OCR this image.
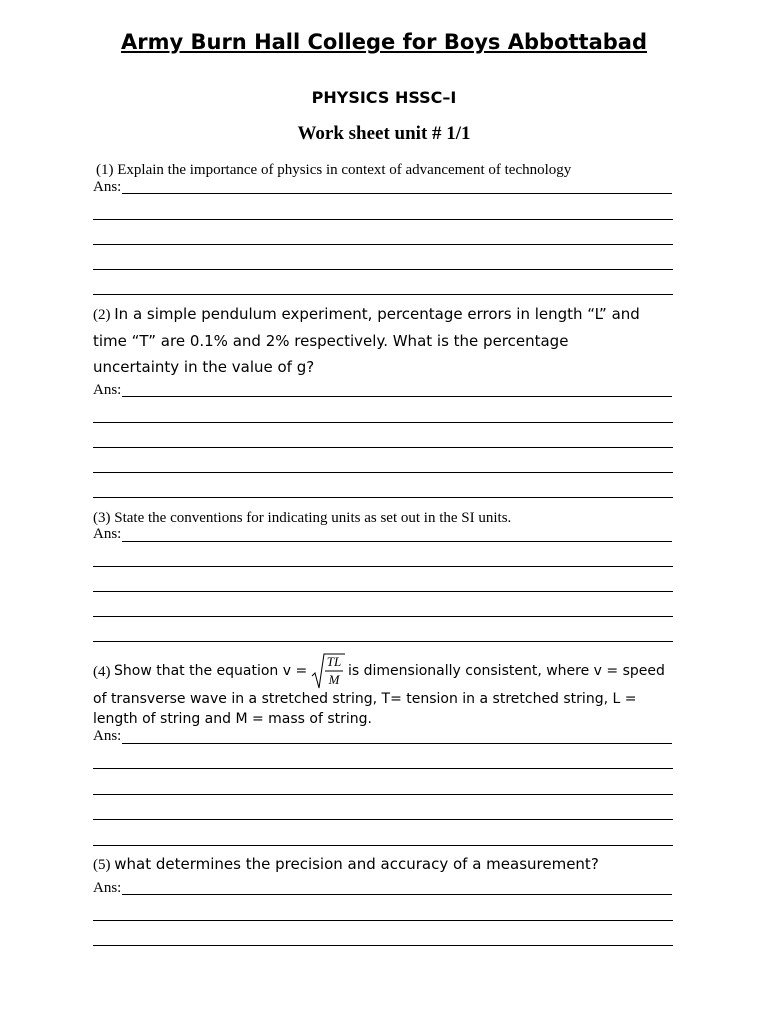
Army Burn Hall College for Boys Abbottabad
PHYSICS HSSC–I
Work sheet unit # 1/1
(1) Explain the importance of physics in context of advancement of technology
Ans:
(2) In a simple pendulum experiment, percentage errors in length “L” and
time “T” are 0.1% and 2% respectively. What is the percentage
uncertainty in the value of g?
Ans:
(3) State the conventions for indicating units as set out in the SI units.
Ans:
(4) Show that the equation v =
TL
M
is dimensionally consistent, where v = speed
of transverse wave in a stretched string, T= tension in a stretched string, L =
length of string and M = mass of string.
Ans:
(5) what determines the precision and accuracy of a measurement?
Ans:
